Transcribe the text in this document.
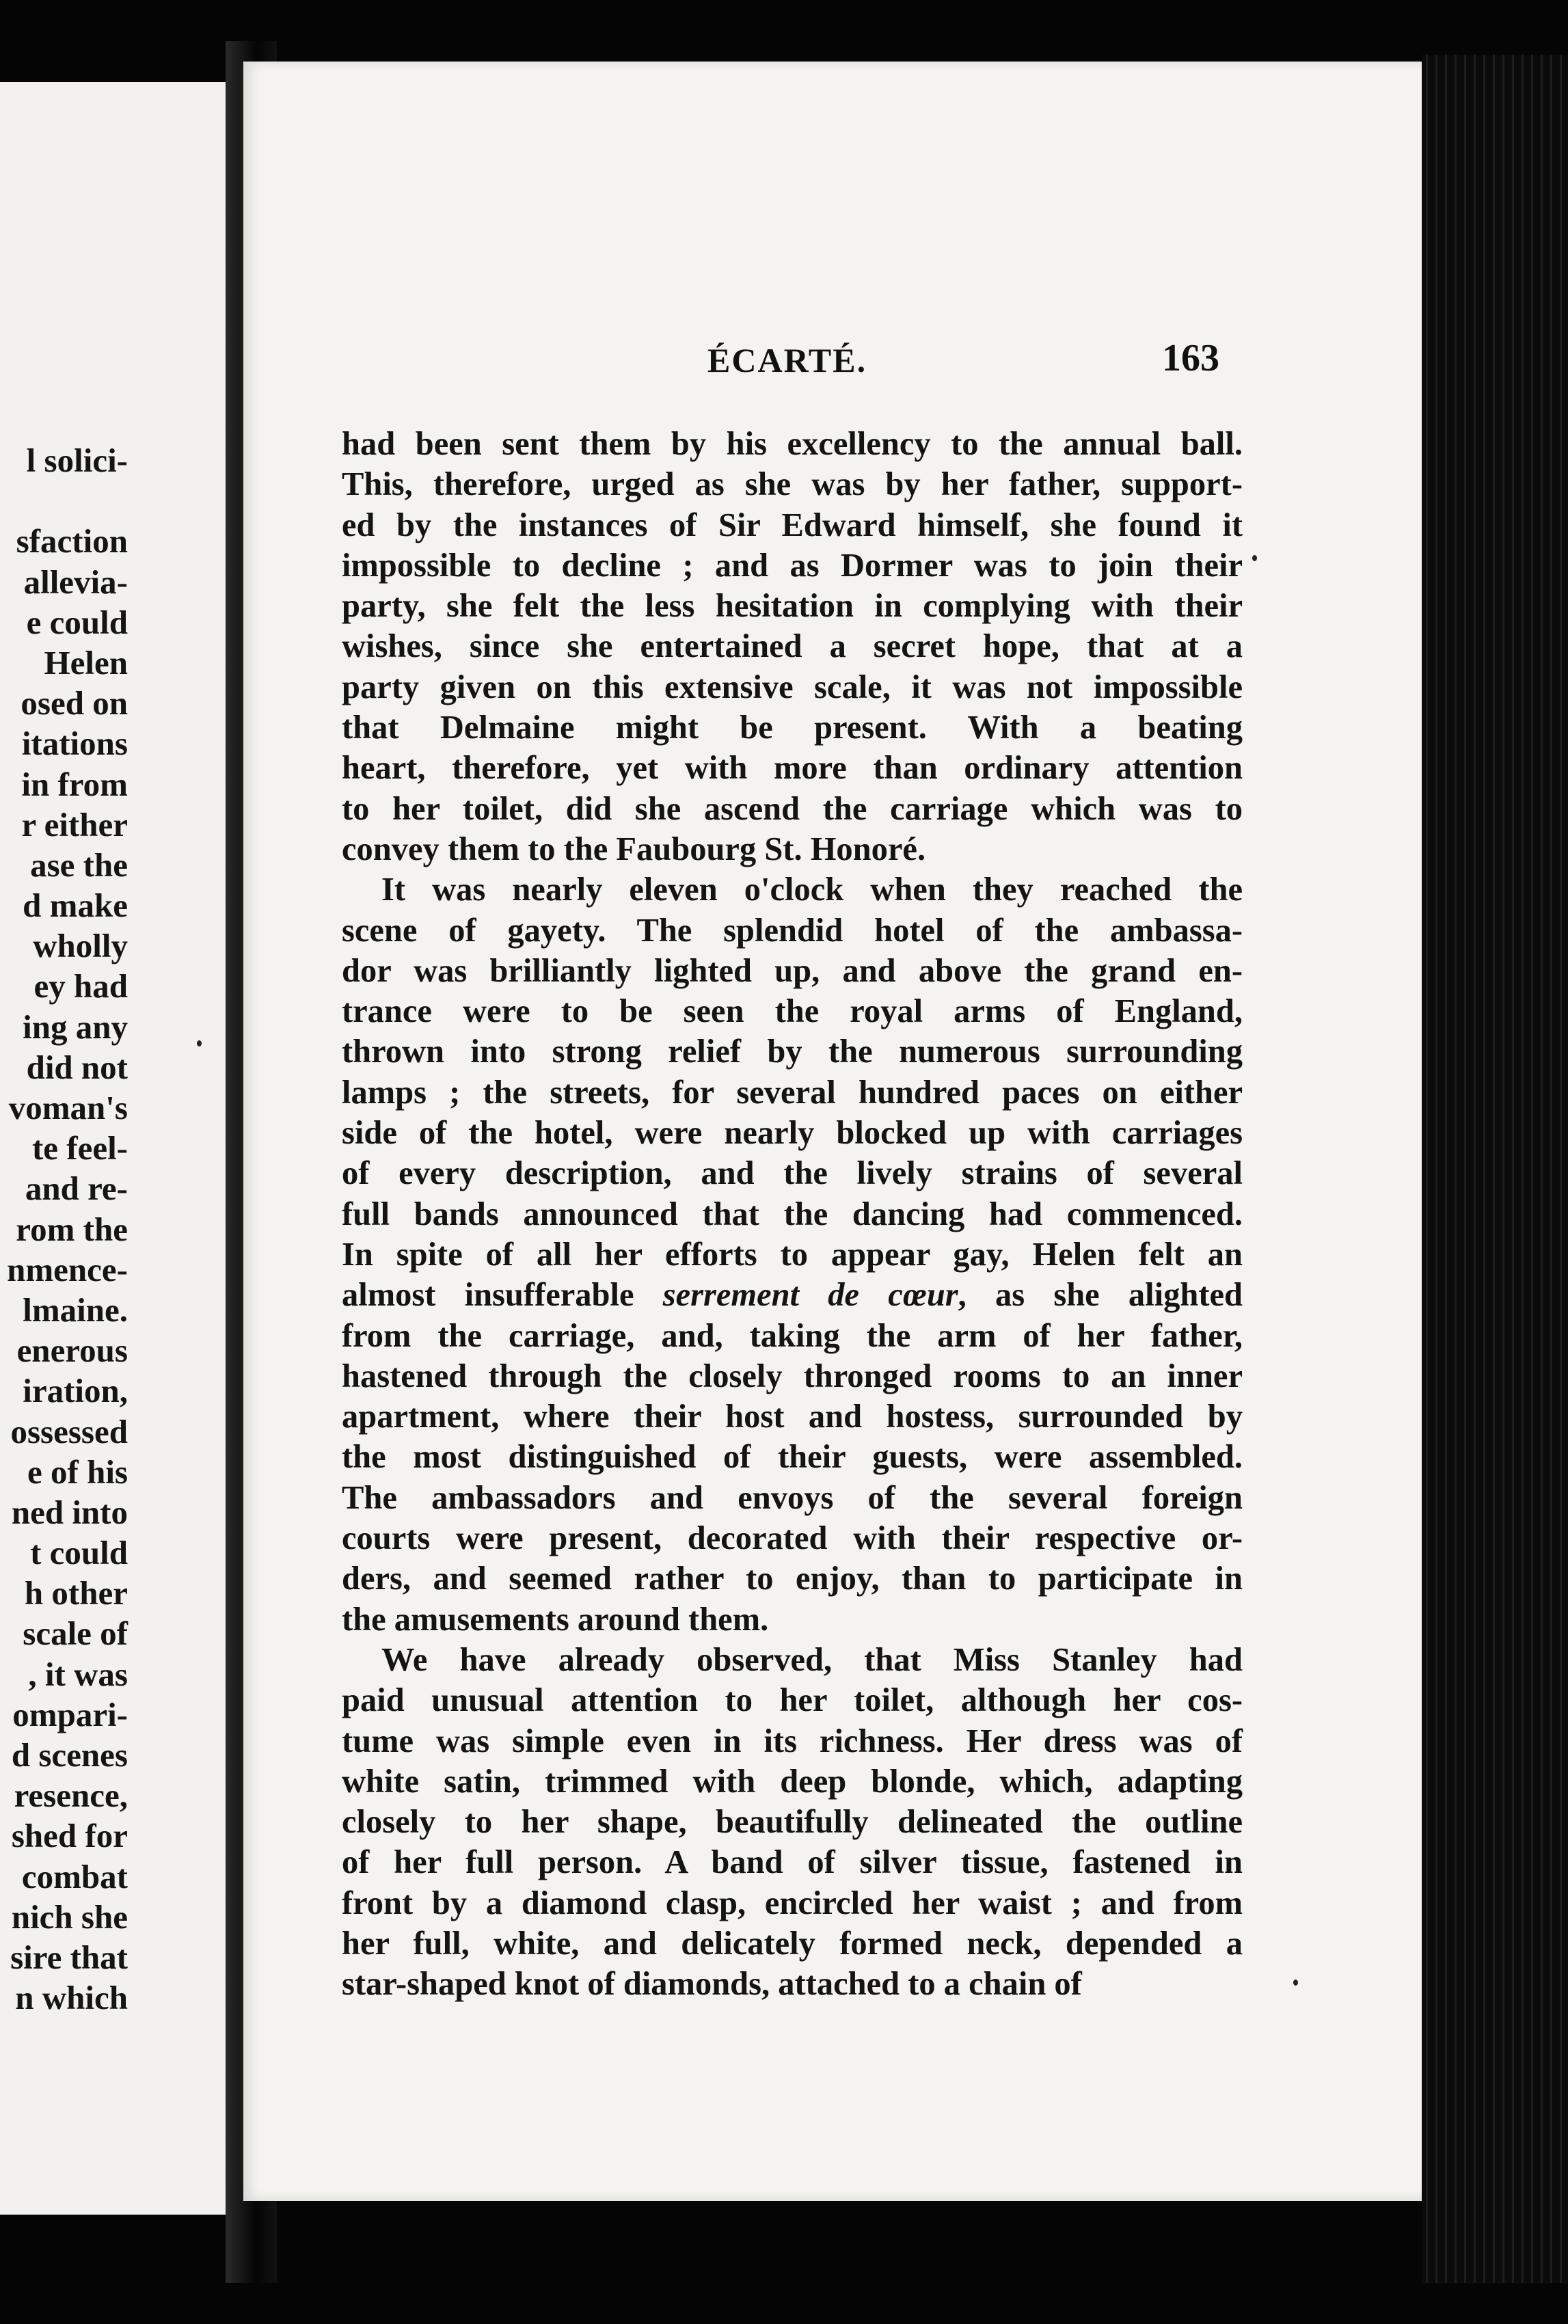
l solici-
sfaction
allevia-
e could
Helen
osed on
itations
in from
r either
ase the
d make
wholly
ey had
ing any
did not
voman's
te feel-
and re-
rom the
nmence-
lmaine.
enerous
iration,
ossessed
e of his
ned into
t could
h other
scale of
, it was
ompari-
d scenes
resence,
shed for
combat
nich she
sire that
n which
ÉCARTÉ.	163
had been sent them by his excellency to the annual ball.
This, therefore, urged as she was by her father, support-
ed by the instances of Sir Edward himself, she found it
impossible to decline ; and as Dormer was to join their
party, she felt the less hesitation in complying with their
wishes, since she entertained a secret hope, that at a
party given on this extensive scale, it was not impossible
that Delmaine might be present. With a beating
heart, therefore, yet with more than ordinary attention
to her toilet, did she ascend the carriage which was to
convey them to the Faubourg St. Honoré.
It was nearly eleven o'clock when they reached the
scene of gayety. The splendid hotel of the ambassa-
dor was brilliantly lighted up, and above the grand en-
trance were to be seen the royal arms of England,
thrown into strong relief by the numerous surrounding
lamps ; the streets, for several hundred paces on either
side of the hotel, were nearly blocked up with carriages
of every description, and the lively strains of several
full bands announced that the dancing had commenced.
In spite of all her efforts to appear gay, Helen felt an
almost insufferable serrement de cœur, as she alighted
from the carriage, and, taking the arm of her father,
hastened through the closely thronged rooms to an inner
apartment, where their host and hostess, surrounded by
the most distinguished of their guests, were assembled.
The ambassadors and envoys of the several foreign
courts were present, decorated with their respective or-
ders, and seemed rather to enjoy, than to participate in
the amusements around them.
We have already observed, that Miss Stanley had
paid unusual attention to her toilet, although her cos-
tume was simple even in its richness. Her dress was of
white satin, trimmed with deep blonde, which, adapting
closely to her shape, beautifully delineated the outline
of her full person. A band of silver tissue, fastened in
front by a diamond clasp, encircled her waist ; and from
her full, white, and delicately formed neck, depended a
star-shaped knot of diamonds, attached to a chain of
